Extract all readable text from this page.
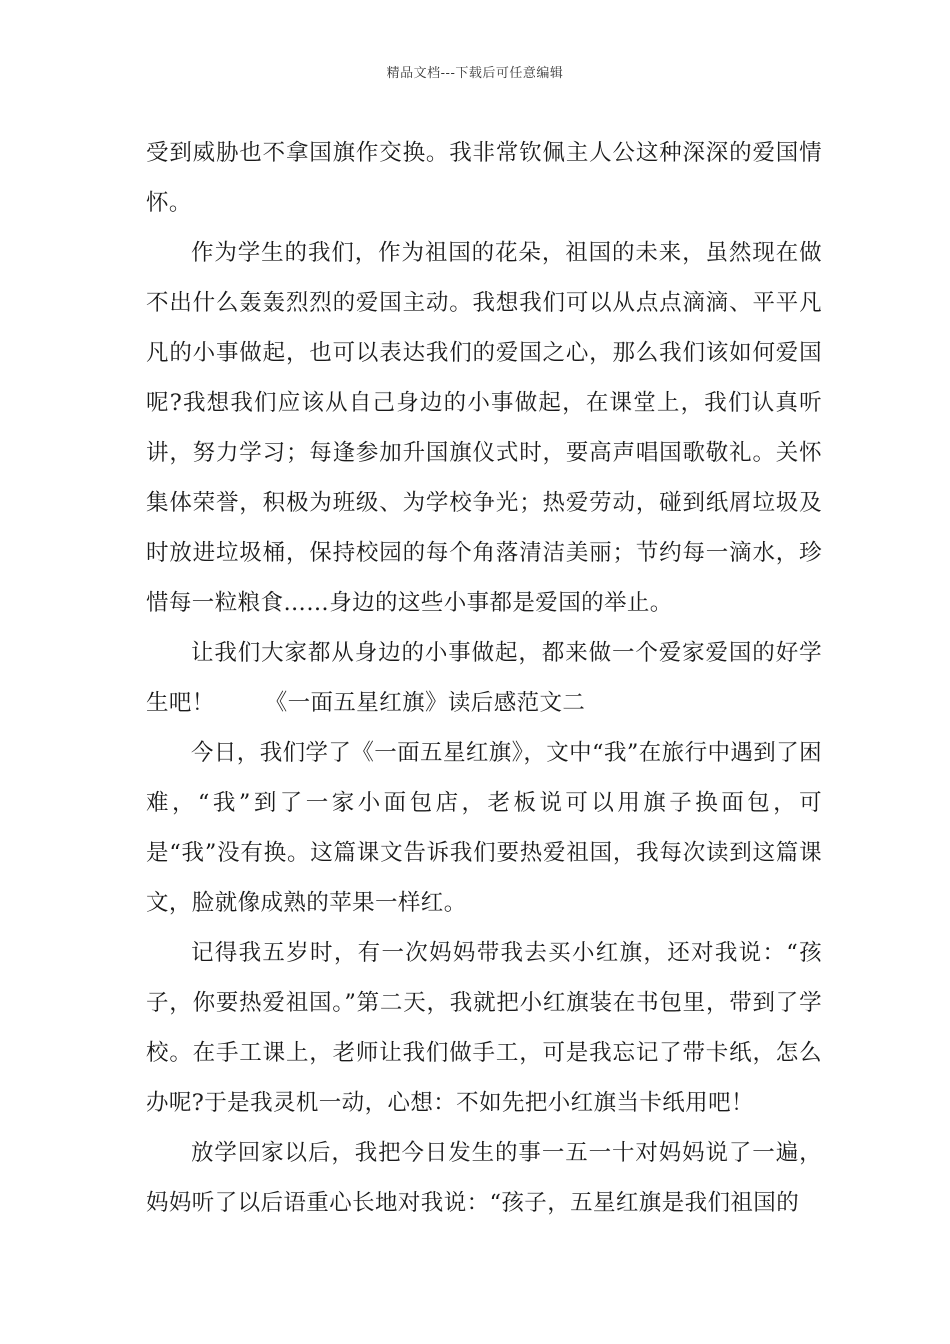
精品文档---下载后可任意编辑

受到威胁也不拿国旗作交换。我非常钦佩主人公这种深深的爱国情怀。

作为学生的我们，作为祖国的花朵，祖国的未来，虽然现在做不出什么轰轰烈烈的爱国主动。我想我们可以从点点滴滴、平平凡凡的小事做起，也可以表达我们的爱国之心，那么我们该如何爱国呢?我想我们应该从自己身边的小事做起，在课堂上，我们认真听讲，努力学习；每逢参加升国旗仪式时，要高声唱国歌敬礼。关怀集体荣誉，积极为班级、为学校争光；热爱劳动，碰到纸屑垃圾及时放进垃圾桶，保持校园的每个角落清洁美丽；节约每一滴水，珍惜每一粒粮食……身边的这些小事都是爱国的举止。

让我们大家都从身边的小事做起，都来做一个爱家爱国的好学生吧！ 《一面五星红旗》读后感范文二

今日，我们学了《一面五星红旗》，文中“我”在旅行中遇到了困难，“我”到了一家小面包店，老板说可以用旗子换面包，可是“我”没有换。这篇课文告诉我们要热爱祖国，我每次读到这篇课文，脸就像成熟的苹果一样红。

记得我五岁时，有一次妈妈带我去买小红旗，还对我说：“孩子，你要热爱祖国。”第二天，我就把小红旗装在书包里，带到了学校。在手工课上，老师让我们做手工，可是我忘记了带卡纸，怎么办呢?于是我灵机一动，心想：不如先把小红旗当卡纸用吧！

放学回家以后，我把今日发生的事一五一十对妈妈说了一遍，妈妈听了以后语重心长地对我说：“孩子，五星红旗是我们祖国的
